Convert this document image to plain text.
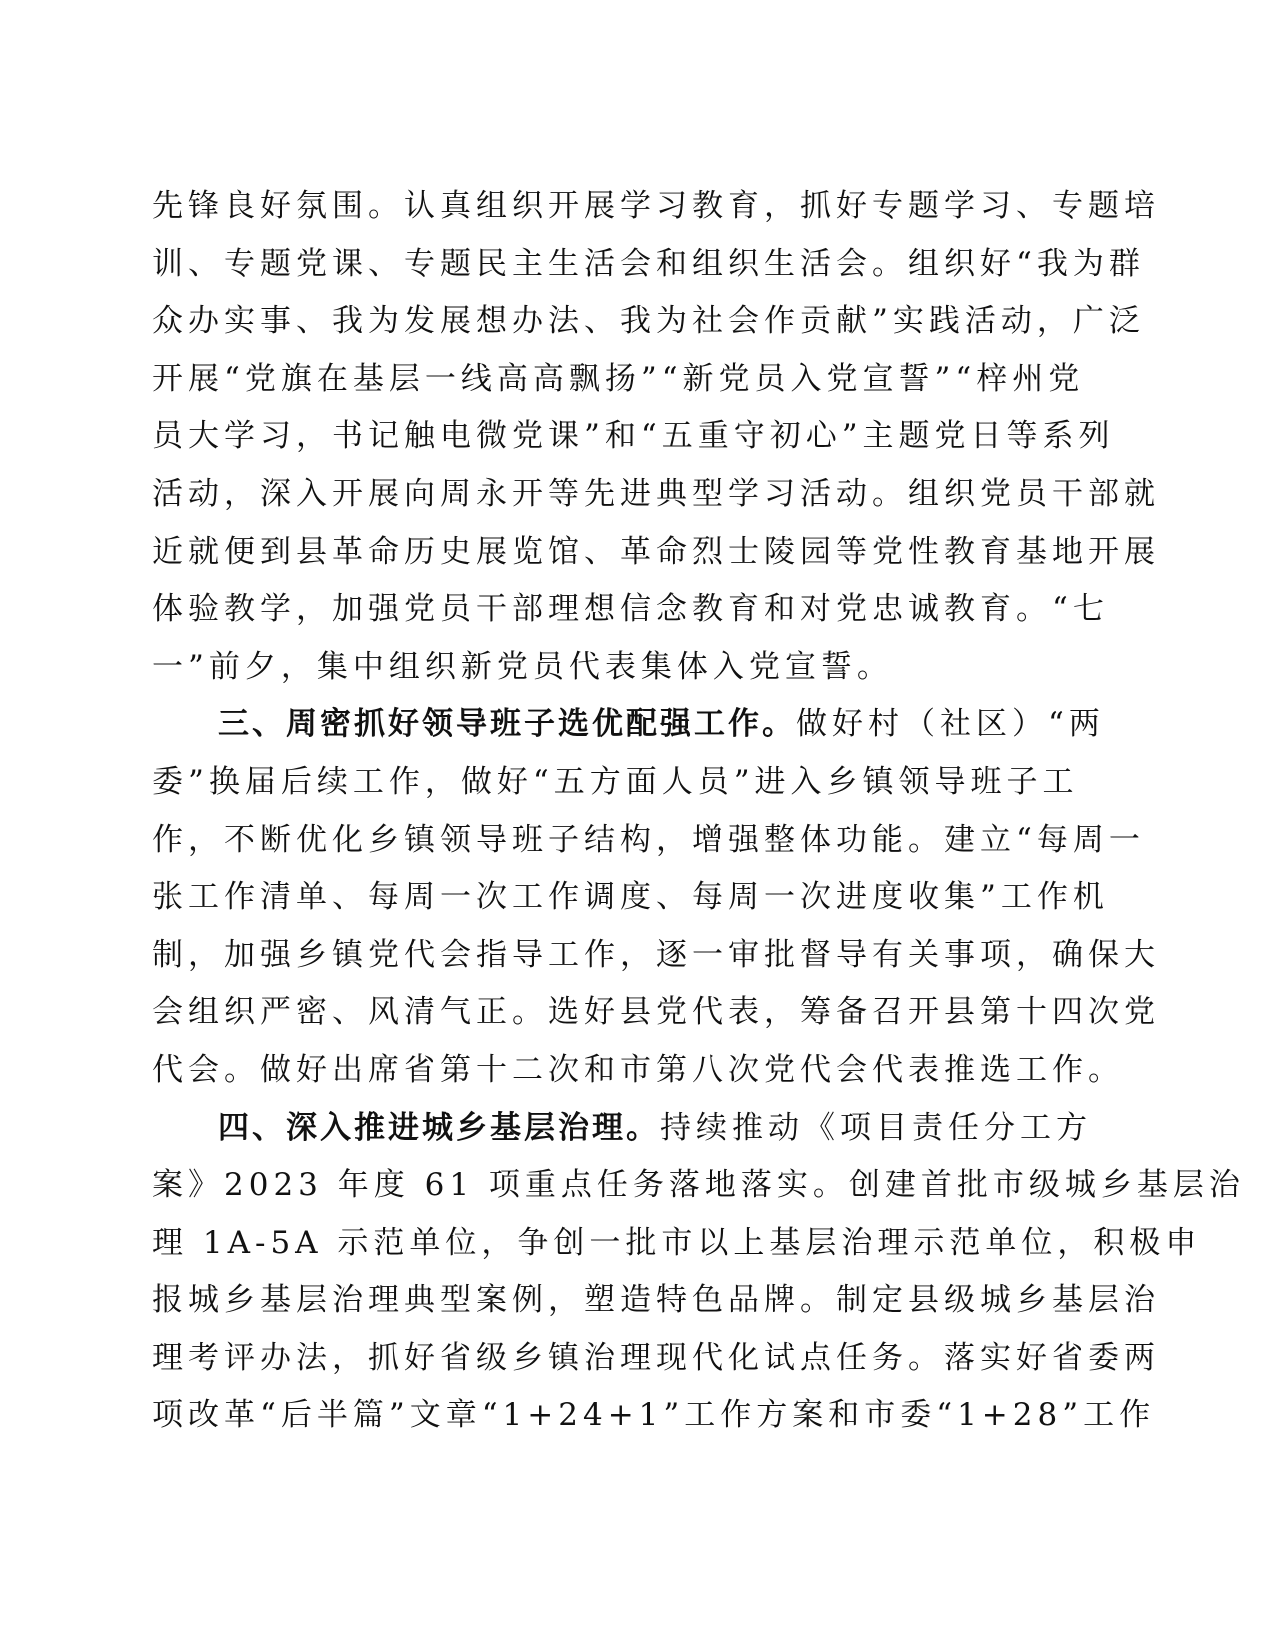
先锋良好氛围。认真组织开展学习教育，抓好专题学习、专题培
训、专题党课、专题民主生活会和组织生活会。组织好“我为群
众办实事、我为发展想办法、我为社会作贡献”实践活动，广泛
开展“党旗在基层一线高高飘扬”“新党员入党宣誓”“梓州党
员大学习，书记触电微党课”和“五重守初心”主题党日等系列
活动，深入开展向周永开等先进典型学习活动。组织党员干部就
近就便到县革命历史展览馆、革命烈士陵园等党性教育基地开展
体验教学，加强党员干部理想信念教育和对党忠诚教育。“七
一”前夕，集中组织新党员代表集体入党宣誓。
三、周密抓好领导班子选优配强工作。做好村（社区）“两
委”换届后续工作，做好“五方面人员”进入乡镇领导班子工
作，不断优化乡镇领导班子结构，增强整体功能。建立“每周一
张工作清单、每周一次工作调度、每周一次进度收集”工作机
制，加强乡镇党代会指导工作，逐一审批督导有关事项，确保大
会组织严密、风清气正。选好县党代表，筹备召开县第十四次党
代会。做好出席省第十二次和市第八次党代会代表推选工作。
四、深入推进城乡基层治理。持续推动《项目责任分工方
案》2023 年度 61 项重点任务落地落实。创建首批市级城乡基层治
理 1A-5A 示范单位，争创一批市以上基层治理示范单位，积极申
报城乡基层治理典型案例，塑造特色品牌。制定县级城乡基层治
理考评办法，抓好省级乡镇治理现代化试点任务。落实好省委两
项改革“后半篇”文章“1+24+1”工作方案和市委“1+28”工作
